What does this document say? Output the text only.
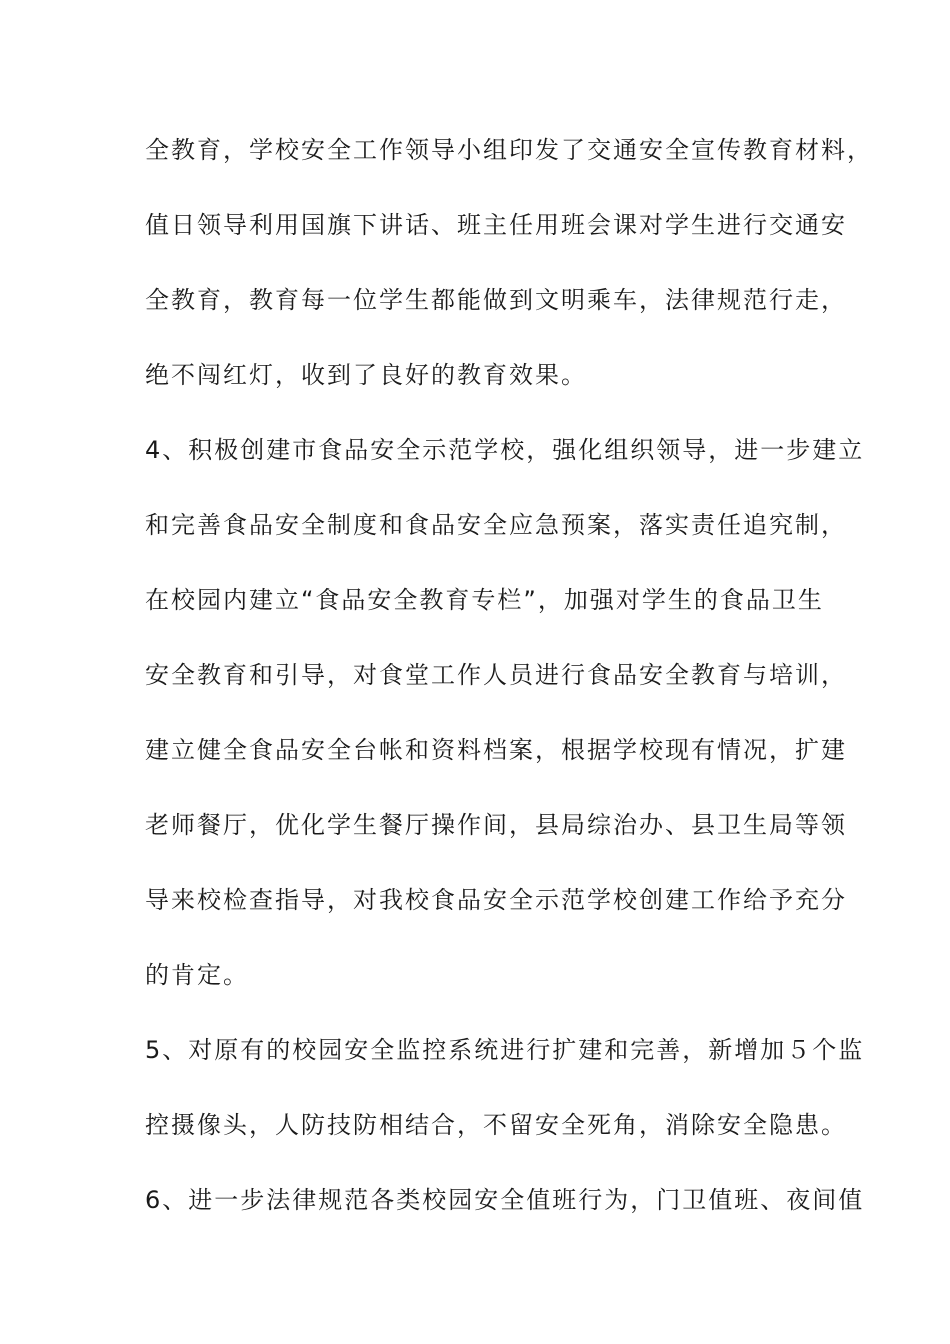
全教育，学校安全工作领导小组印发了交通安全宣传教育材料，
值日领导利用国旗下讲话、班主任用班会课对学生进行交通安
全教育，教育每一位学生都能做到文明乘车，法律规范行走，
绝不闯红灯，收到了良好的教育效果。
4、积极创建市食品安全示范学校，强化组织领导，进一步建立
和完善食品安全制度和食品安全应急预案，落实责任追究制，
在校园内建立“食品安全教育专栏”，加强对学生的食品卫生
安全教育和引导，对食堂工作人员进行食品安全教育与培训，
建立健全食品安全台帐和资料档案，根据学校现有情况，扩建
老师餐厅，优化学生餐厅操作间，县局综治办、县卫生局等领
导来校检查指导，对我校食品安全示范学校创建工作给予充分
的肯定。
5、对原有的校园安全监控系统进行扩建和完善，新增加５个监
控摄像头，人防技防相结合，不留安全死角，消除安全隐患。
6、进一步法律规范各类校园安全值班行为，门卫值班、夜间值
